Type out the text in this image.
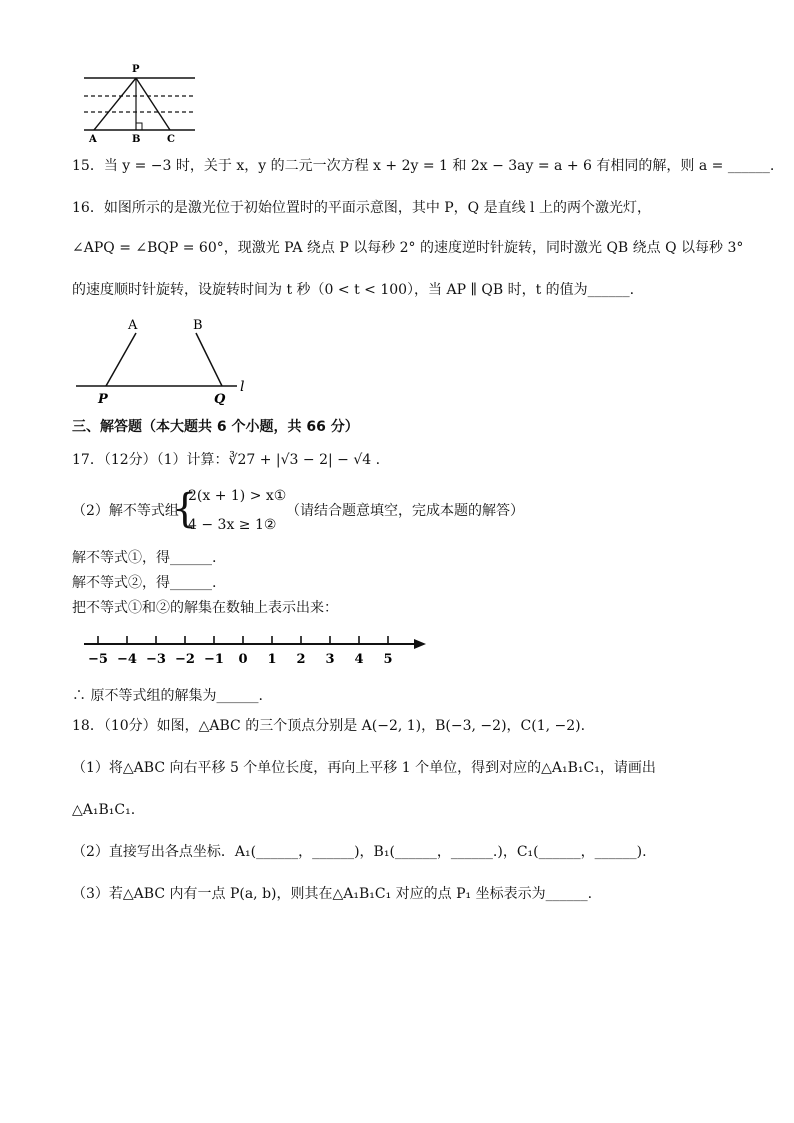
P
A	B	C
15．当 y = −3 时，关于 x，y 的二元一次方程 x + 2y = 1 和 2x − 3ay = a + 6 有相同的解，则 a = ______.
16．如图所示的是激光位于初始位置时的平面示意图，其中 P，Q 是直线 l 上的两个激光灯，
∠APQ = ∠BQP = 60°，现激光 PA 绕点 P 以每秒 2° 的速度逆时针旋转，同时激光 QB 绕点 Q 以每秒 3°
的速度顺时针旋转，设旋转时间为 t 秒（0 < t < 100），当 AP ∥ QB 时，t 的值为______.
A	B
P	Q
l
三、解答题（本大题共 6 个小题，共 66 分）
17．（12分）（1）计算：∛27 + |√3 − 2| − √4 .
（2）解不等式组
{
2(x + 1) > x①
4 − 3x ≥ 1②
（请结合题意填空，完成本题的解答）
解不等式①，得______.
解不等式②，得______.
把不等式①和②的解集在数轴上表示出来：
−5 −4 −3 −2 −1 0 1 2 3 4 5
∴ 原不等式组的解集为______.
18．（10分）如图，△ABC 的三个顶点分别是 A(−2, 1)，B(−3, −2)，C(1, −2).
（1）将△ABC 向右平移 5 个单位长度，再向上平移 1 个单位，得到对应的△A₁B₁C₁，请画出
△A₁B₁C₁.
（2）直接写出各点坐标．A₁(______，______)，B₁(______，______.)，C₁(______，______).
（3）若△ABC 内有一点 P(a, b)，则其在△A₁B₁C₁ 对应的点 P₁ 坐标表示为______.
